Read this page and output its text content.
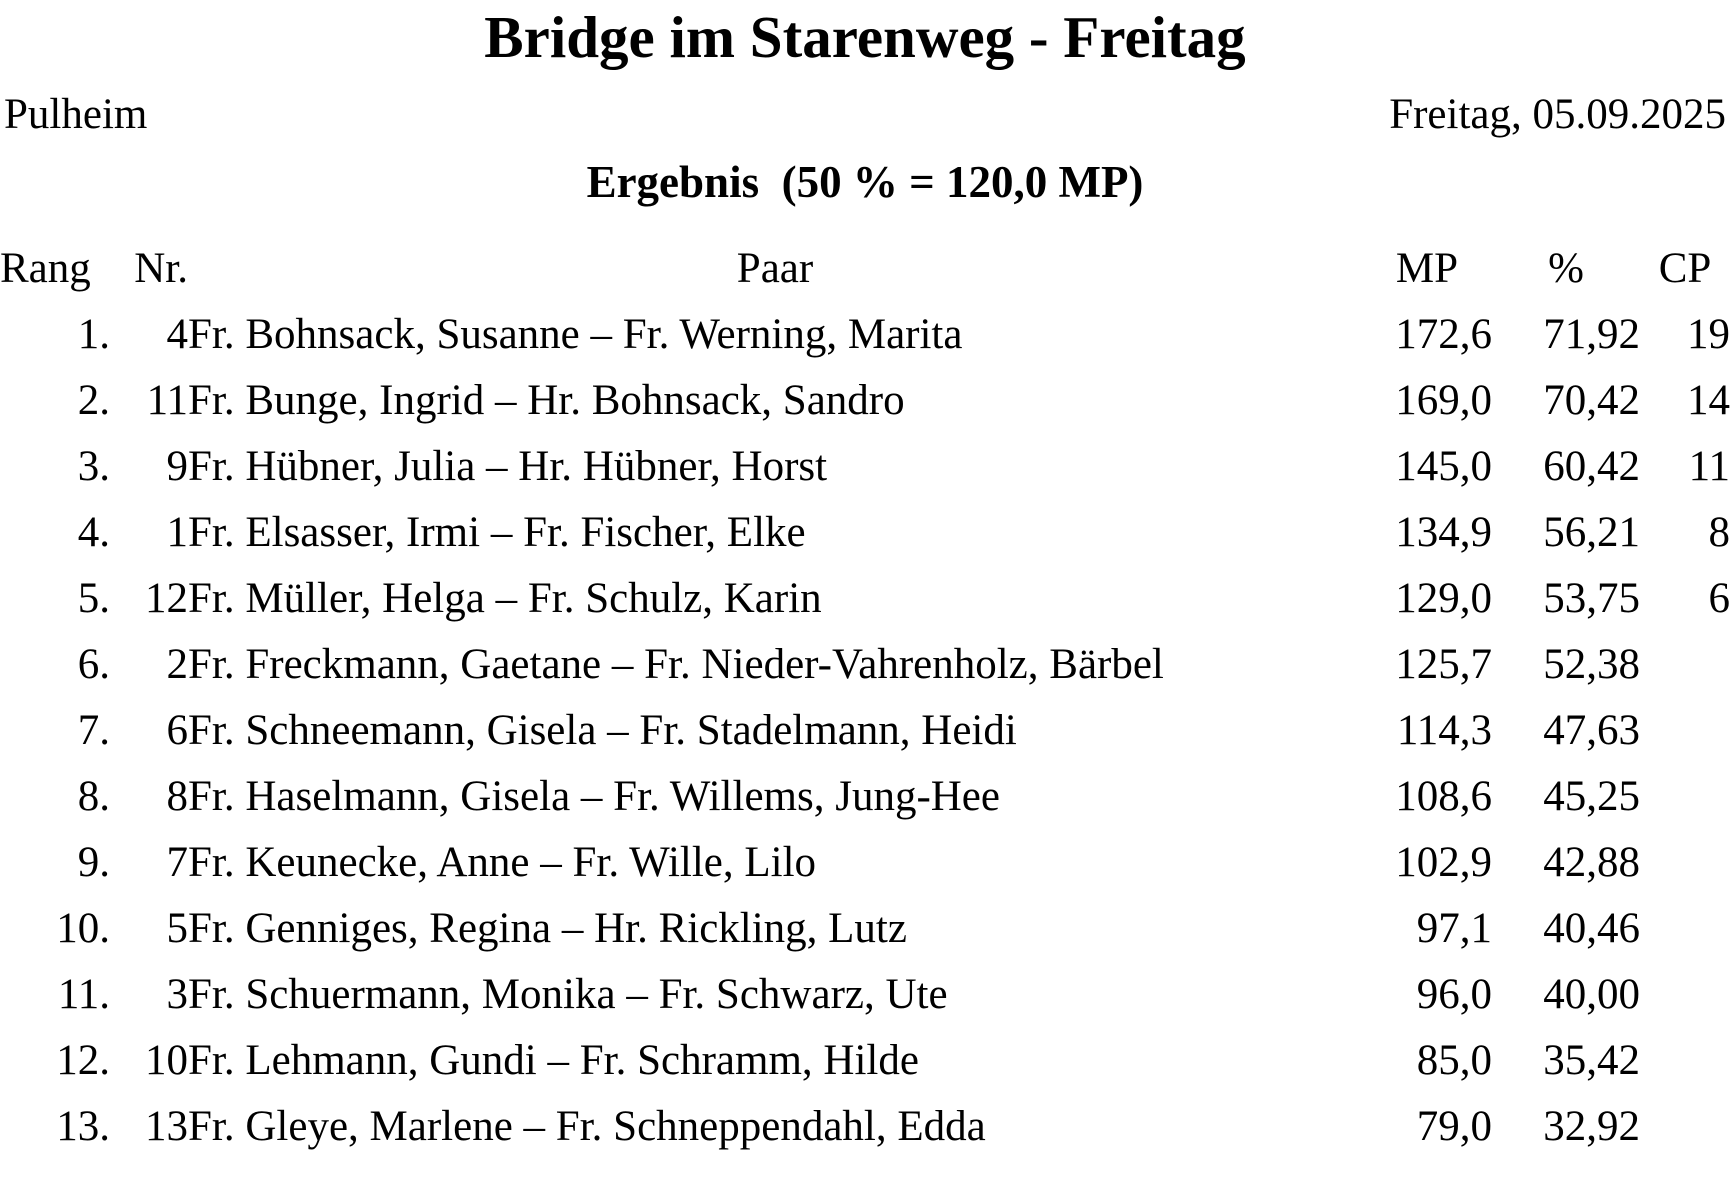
Bridge im Starenweg - Freitag
Pulheim	Freitag, 05.09.2025
Ergebnis  (50 % = 120,0 MP)
Rang	Nr.	Paar	MP	%	CP
1.	4	Fr. Bohnsack, Susanne – Fr. Werning, Marita	172,6	71,92	19
2.	11	Fr. Bunge, Ingrid – Hr. Bohnsack, Sandro	169,0	70,42	14
3.	9	Fr. Hübner, Julia – Hr. Hübner, Horst	145,0	60,42	11
4.	1	Fr. Elsasser, Irmi – Fr. Fischer, Elke	134,9	56,21	8
5.	12	Fr. Müller, Helga – Fr. Schulz, Karin	129,0	53,75	6
6.	2	Fr. Freckmann, Gaetane – Fr. Nieder-Vahrenholz, Bärbel	125,7	52,38	
7.	6	Fr. Schneemann, Gisela – Fr. Stadelmann, Heidi	114,3	47,63	
8.	8	Fr. Haselmann, Gisela – Fr. Willems, Jung-Hee	108,6	45,25	
9.	7	Fr. Keunecke, Anne – Fr. Wille, Lilo	102,9	42,88	
10.	5	Fr. Genniges, Regina – Hr. Rickling, Lutz	97,1	40,46	
11.	3	Fr. Schuermann, Monika – Fr. Schwarz, Ute	96,0	40,00	
12.	10	Fr. Lehmann, Gundi – Fr. Schramm, Hilde	85,0	35,42	
13.	13	Fr. Gleye, Marlene – Fr. Schneppendahl, Edda	79,0	32,92	
